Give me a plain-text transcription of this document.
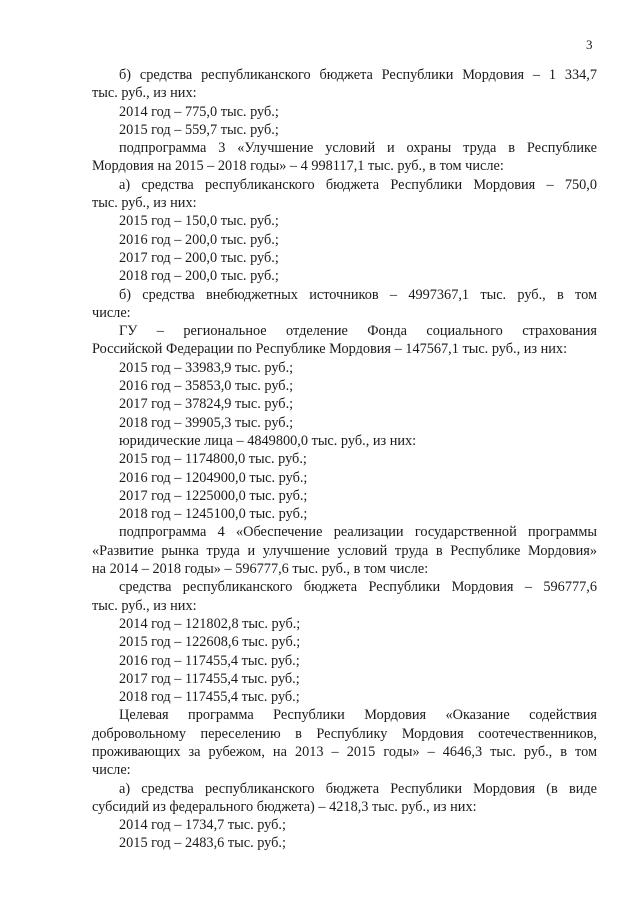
3
б) средства республиканского бюджета Республики Мордовия – 1 334,7
тыс. руб., из них:
2014 год – 775,0 тыс. руб.;
2015 год – 559,7 тыс. руб.;
подпрограмма 3 «Улучшение условий и охраны труда в Республике
Мордовия на 2015 – 2018 годы» – 4 998117,1 тыс. руб., в том числе:
а) средства республиканского бюджета Республики Мордовия – 750,0
тыс. руб., из них:
2015 год – 150,0 тыс. руб.;
2016 год – 200,0 тыс. руб.;
2017 год – 200,0 тыс. руб.;
2018 год – 200,0 тыс. руб.;
б) средства внебюджетных источников – 4997367,1 тыс. руб., в том
числе:
ГУ – региональное отделение Фонда социального страхования
Российской Федерации по Республике Мордовия – 147567,1 тыс. руб., из них:
2015 год – 33983,9 тыс. руб.;
2016 год – 35853,0 тыс. руб.;
2017 год – 37824,9 тыс. руб.;
2018 год – 39905,3 тыс. руб.;
юридические лица – 4849800,0 тыс. руб., из них:
2015 год – 1174800,0 тыс. руб.;
2016 год – 1204900,0 тыс. руб.;
2017 год – 1225000,0 тыс. руб.;
2018 год – 1245100,0 тыс. руб.;
подпрограмма 4 «Обеспечение реализации государственной программы
«Развитие рынка труда и улучшение условий труда в Республике Мордовия»
на 2014 – 2018 годы» – 596777,6 тыс. руб., в том числе:
средства республиканского бюджета Республики Мордовия – 596777,6
тыс. руб., из них:
2014 год – 121802,8 тыс. руб.;
2015 год – 122608,6 тыс. руб.;
2016 год – 117455,4 тыс. руб.;
2017 год – 117455,4 тыс. руб.;
2018 год – 117455,4 тыс. руб.;
Целевая программа Республики Мордовия «Оказание содействия
добровольному переселению в Республику Мордовия соотечественников,
проживающих за рубежом, на 2013 – 2015 годы» – 4646,3 тыс. руб., в том
числе:
а) средства республиканского бюджета Республики Мордовия (в виде
субсидий из федерального бюджета) – 4218,3 тыс. руб., из них:
2014 год – 1734,7 тыс. руб.;
2015 год – 2483,6 тыс. руб.;
